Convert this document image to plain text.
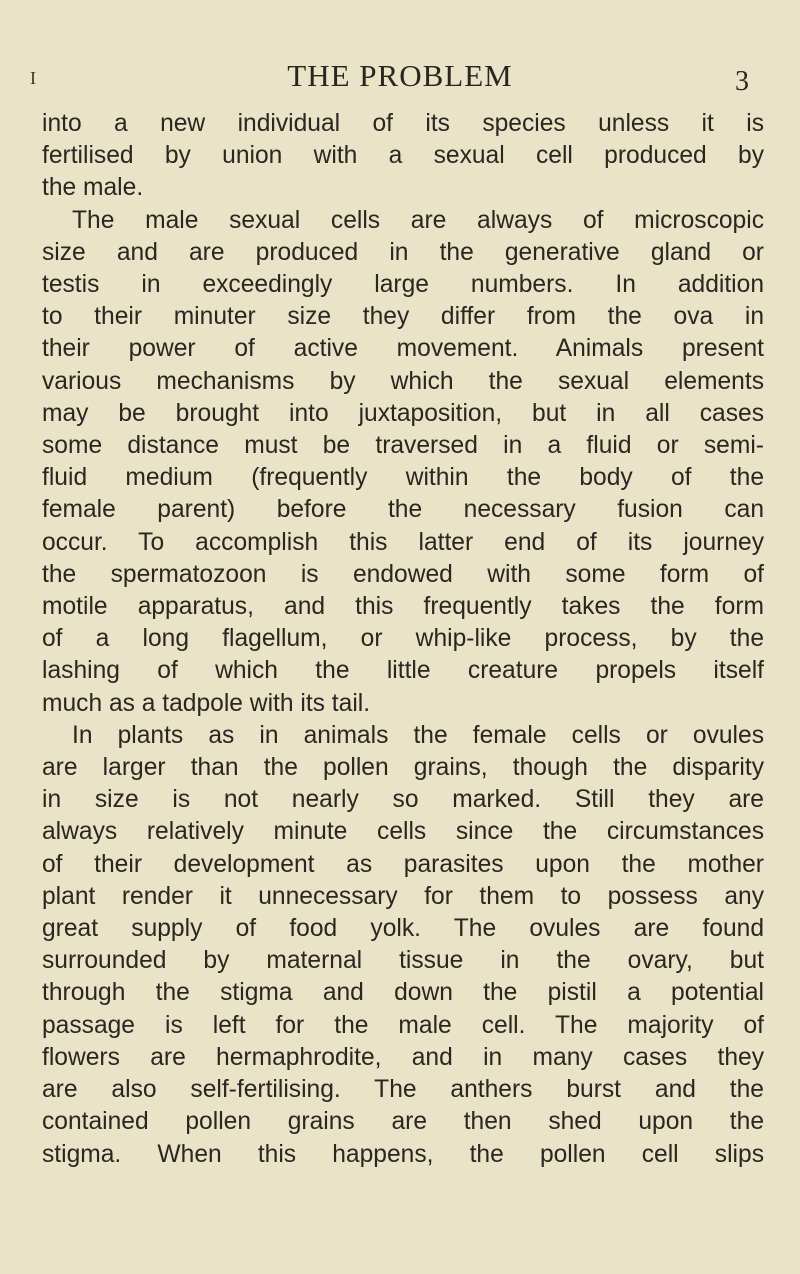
I	THE PROBLEM	3
into a new individual of its species unless it is
fertilised by union with a sexual cell produced by
the male.
The male sexual cells are always of microscopic
size and are produced in the generative gland or
testis in exceedingly large numbers. In addition
to their minuter size they differ from the ova in
their power of active movement. Animals present
various mechanisms by which the sexual elements
may be brought into juxtaposition, but in all cases
some distance must be traversed in a fluid or semi-
fluid medium (frequently within the body of the
female parent) before the necessary fusion can
occur. To accomplish this latter end of its journey
the spermatozoon is endowed with some form of
motile apparatus, and this frequently takes the form
of a long flagellum, or whip-like process, by the
lashing of which the little creature propels itself
much as a tadpole with its tail.
In plants as in animals the female cells or ovules
are larger than the pollen grains, though the disparity
in size is not nearly so marked. Still they are
always relatively minute cells since the circumstances
of their development as parasites upon the mother
plant render it unnecessary for them to possess any
great supply of food yolk. The ovules are found
surrounded by maternal tissue in the ovary, but
through the stigma and down the pistil a potential
passage is left for the male cell. The majority of
flowers are hermaphrodite, and in many cases they
are also self-fertilising. The anthers burst and the
contained pollen grains are then shed upon the
stigma. When this happens, the pollen cell slips
